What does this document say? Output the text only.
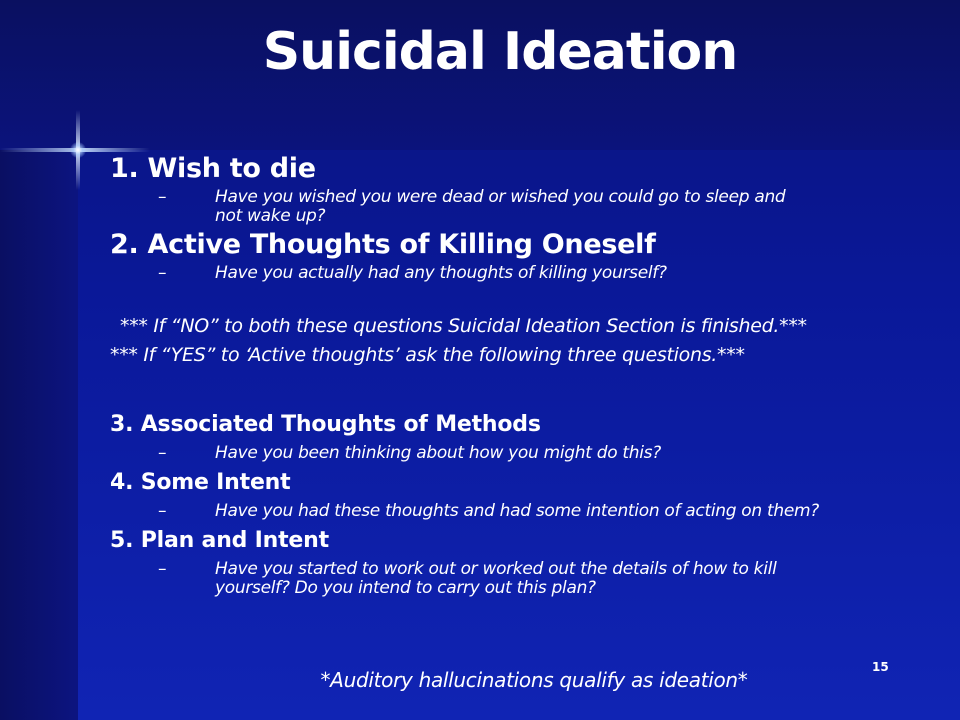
Suicidal Ideation
1. Wish to die
–	Have you wished you were dead or wished you could go to sleep and not wake up?
2. Active Thoughts of Killing Oneself
–	Have you actually had any thoughts of killing yourself?
*** If “NO” to both these questions Suicidal Ideation Section is finished.***
*** If “YES” to ‘Active thoughts’ ask the following three questions.***
3. Associated Thoughts of Methods
–	Have you been thinking about how you might do this?
4. Some Intent
–	Have you had these thoughts and had some intention of acting on them?
5. Plan and Intent
–	Have you started to work out or worked out the details of how to kill yourself? Do you intend to carry out this plan?
15
*Auditory hallucinations qualify as ideation*
